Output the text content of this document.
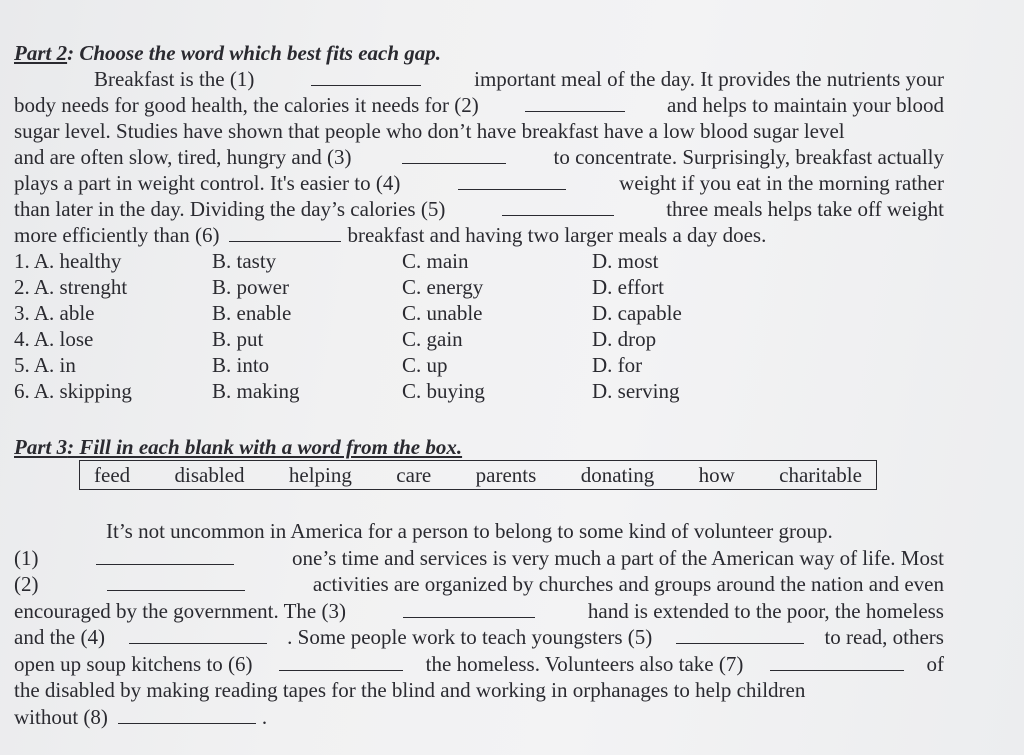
Part 2: Choose the word which best fits each gap.
Breakfast is the (1)	important meal of the day. It provides the nutrients your
body needs for good health, the calories it needs for (2)	and helps to maintain your blood
sugar level. Studies have shown that people who don’t have breakfast have a low blood sugar level
and are often slow, tired, hungry and (3)	to concentrate. Surprisingly, breakfast actually
plays a part in weight control. It's easier to (4)	weight if you eat in the morning rather
than later in the day. Dividing the day’s calories (5)	three meals helps take off weight
more efficiently than (6)	breakfast and having two larger meals a day does.
1. A. healthy	B. tasty	C. main	D. most
2. A. strenght	B. power	C. energy	D. effort
3. A. able	B. enable	C. unable	D. capable
4. A. lose	B. put	C. gain	D. drop
5. A. in	B. into	C. up	D. for
6. A. skipping	B. making	C. buying	D. serving
Part 3: Fill in each blank with a word from the box.
feed disabled helping care parents donating how charitable
It’s not uncommon in America for a person to belong to some kind of volunteer group.
(1)	one’s time and services is very much a part of the American way of life. Most
(2)	activities are organized by churches and groups around the nation and even
encouraged by the government. The (3)	hand is extended to the poor, the homeless
and the (4)	. Some people work to teach youngsters (5)	to read, others
open up soup kitchens to (6)	the homeless. Volunteers also take (7)	of
the disabled by making reading tapes for the blind and working in orphanages to help children
without (8)	.
